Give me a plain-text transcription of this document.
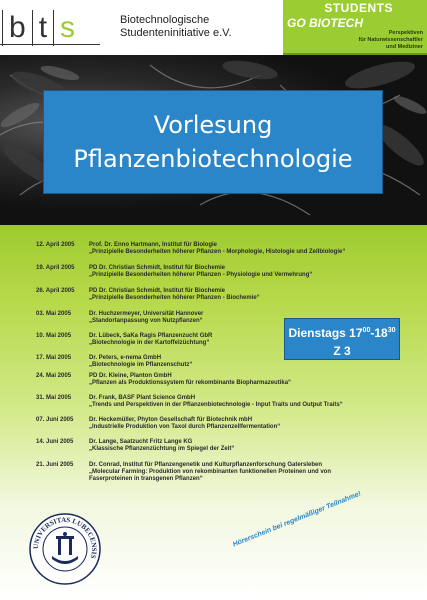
b t s	Biotechnologische
Studenteninitiative e.V.
STUDENTS
GO BIOTECH
Perspektiven
für Naturwissenschaftler
und Mediziner
Vorlesung
Pflanzenbiotechnologie
12. April 2005	Prof. Dr. Enno Hartmann, Institut für Biologie
„Prinzipielle Besonderheiten höherer Pflanzen - Morphologie, Histologie und Zellbiologie“
19. April 2005	PD Dr. Christian Schmidt, Institut für Biochemie
„Prinzipielle Besonderheiten höherer Pflanzen - Physiologie und Vermehrung“
26. April 2005	PD Dr. Christian Schmidt, Institut für Biochemie
„Prinzipielle Besonderheiten höherer Pflanzen - Biochemie“
03. Mai 2005	Dr. Huchzermeyer, Universität Hannover
„Standortanpassung von Nutzpflanzen“
10. Mai 2005	Dr. Lübeck, SaKa Ragis Pflanzenzucht GbR
„Biotechnologie in der Kartoffelzüchtung“
17. Mai 2005	Dr. Peters, e-nema GmbH
„Biotechnologie im Pflanzenschutz“
24. Mai 2005	PD Dr. Kleine, Planton GmbH
„Pflanzen als Produktionssystem für rekombinante Biopharmazeutika“
31. Mai 2005	Dr. Frank, BASF Plant Science GmbH
„Trends und Perspektiven in der Pflanzenbiotechnologie - Input Traits und Output Traits“
07. Juni 2005	Dr. Heckemüller, Phyton Gesellschaft für Biotechnik mbH
„Industrielle Produktion von Taxol durch Pflanzenzellfermentation“
14. Juni 2005	Dr. Lange, Saatzucht Fritz Lange KG
„Klassische Pflanzenzüchtung im Spiegel der Zeit“
21. Juni 2005	Dr. Conrad, Institut für Pflanzengenetik und Kulturpflanzenforschung Gatersleben
„Molecular Farming: Produktion von rekombinanten funktionellen Proteinen und von
Faserproteinen in transgenen Pflanzen“
Dienstags $17^{00}-18^{30}$
Z 3
UNIVERSITAS LUBECENSIS
Hörerschein bei regelmäßiger Teilnahme!
